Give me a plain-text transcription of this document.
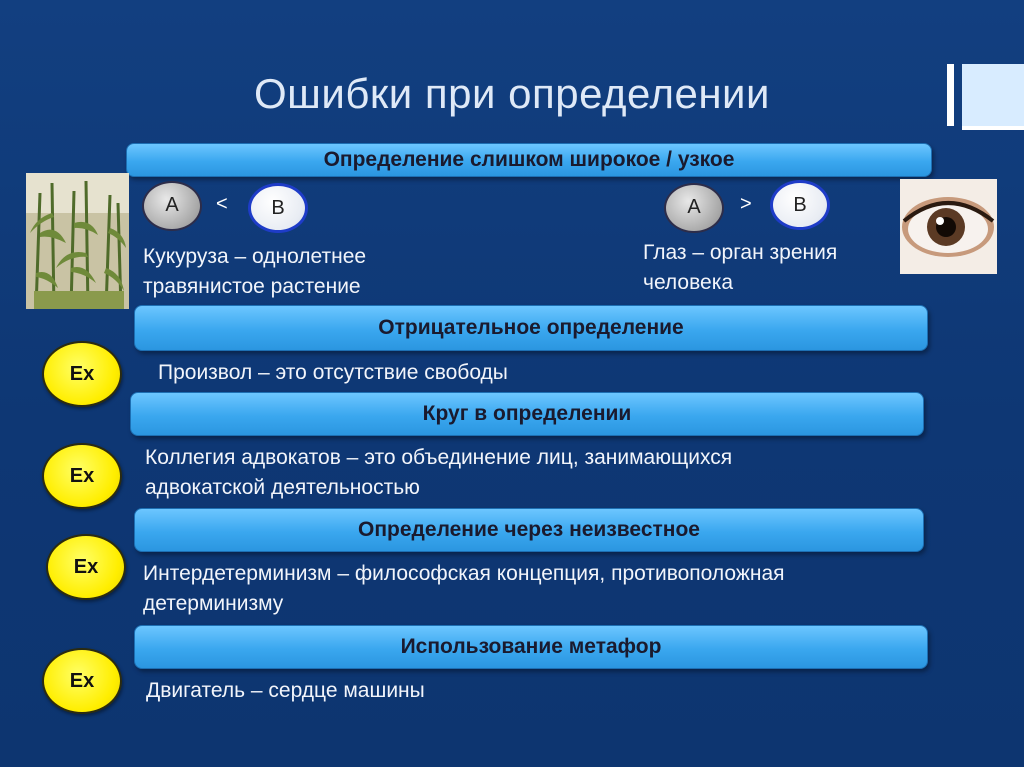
Ошибки при определении
Определение слишком широкое / узкое
A	<	B
Кукуруза – однолетнее
травянистое растение
A	>	B
Глаз – орган зрения
человека
Отрицательное определение
Ex	Произвол – это отсутствие свободы
Круг в определении
Ex
Коллегия адвокатов – это объединение лиц, занимающихся
адвокатской деятельностью
Определение через неизвестное
Ex	Интердетерминизм – философская концепция, противоположная
детерминизму
Использование метафор
Ex	Двигатель – сердце машины
